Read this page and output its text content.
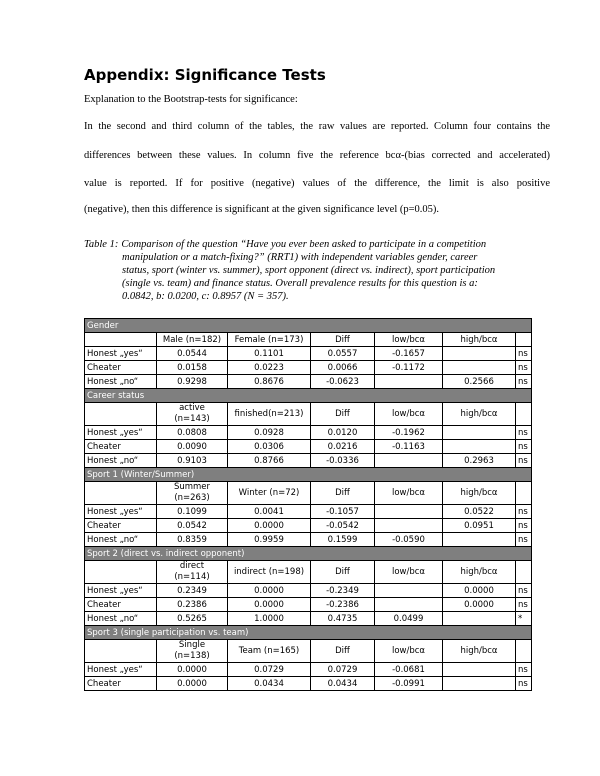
Appendix: Significance Tests

Explanation to the Bootstrap-tests for significance:

In the second and third column of the tables, the raw values are reported. Column four contains the

differences between these values. In column five the reference bcα-(bias corrected and accelerated)

value is reported. If for positive (negative) values of the difference, the limit is also positive

(negative), then this difference is significant at the given significance level (p=0.05).

Table 1: Comparison of the question “Have you ever been asked to participate in a competition
manipulation or a match-fixing?” (RRT1) with independent variables gender, career
status, sport (winter vs. summer), sport opponent (direct vs. indirect), sport participation
(single vs. team) and finance status. Overall prevalence results for this question is a:
0.0842, b: 0.0200, c: 0.8957 (N = 357).
Gender						
	Male (n=182)	Female (n=173)	Diff	low/bcα	high/bcα	
Honest „yes“	0.0544	0.1101	0.0557	-0.1657		ns
Cheater	0.0158	0.0223	0.0066	-0.1172		ns
Honest „no“	0.9298	0.8676	-0.0623		0.2566	ns
Career status						
	active
(n=143)	finished(n=213)	Diff	low/bcα	high/bcα	
Honest „yes“	0.0808	0.0928	0.0120	-0.1962		ns
Cheater	0.0090	0.0306	0.0216	-0.1163		ns
Honest „no“	0.9103	0.8766	-0.0336		0.2963	ns
Sport 1 (Winter/Summer)						
	Summer
(n=263)	Winter (n=72)	Diff	low/bcα	high/bcα	
Honest „yes“	0.1099	0.0041	-0.1057		0.0522	ns
Cheater	0.0542	0.0000	-0.0542		0.0951	ns
Honest „no“	0.8359	0.9959	0.1599	-0.0590		ns
Sport 2 (direct vs. indirect opponent)						
	direct
(n=114)	indirect (n=198)	Diff	low/bcα	high/bcα	
Honest „yes“	0.2349	0.0000	-0.2349		0.0000	ns
Cheater	0.2386	0.0000	-0.2386		0.0000	ns
Honest „no“	0.5265	1.0000	0.4735	0.0499		*
Sport 3 (single participation vs. team)						
	Single
(n=138)	Team (n=165)	Diff	low/bcα	high/bcα	
Honest „yes“	0.0000	0.0729	0.0729	-0.0681		ns
Cheater	0.0000	0.0434	0.0434	-0.0991		ns
